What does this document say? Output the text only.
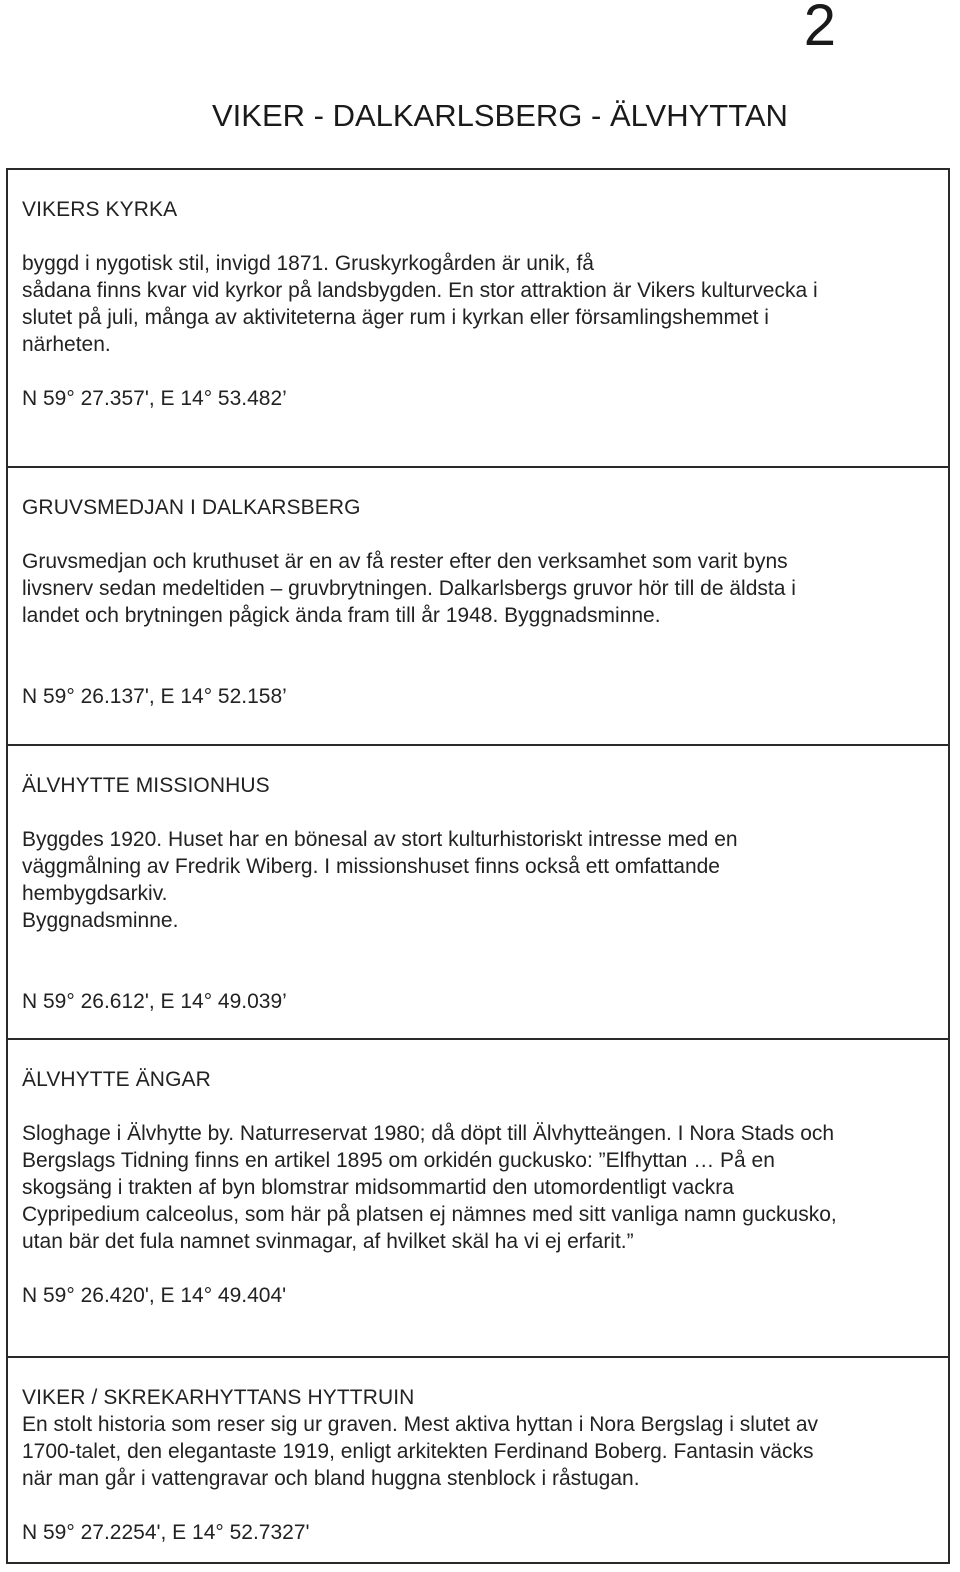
2
VIKER - DALKARLSBERG - ÄLVHYTTAN
VIKERS KYRKA
byggd i nygotisk stil, invigd 1871. Gruskyrkogården är unik, få
sådana finns kvar vid kyrkor på landsbygden. En stor attraktion är Vikers kulturvecka i
slutet på juli, många av aktiviteterna äger rum i kyrkan eller församlingshemmet i
närheten.
N 59° 27.357', E 14° 53.482’
GRUVSMEDJAN I DALKARSBERG
Gruvsmedjan och kruthuset är en av få rester efter den verksamhet som varit byns
livsnerv sedan medeltiden – gruvbrytningen. Dalkarlsbergs gruvor hör till de äldsta i
landet och brytningen pågick ända fram till år 1948. Byggnadsminne.
N 59° 26.137', E 14° 52.158’
ÄLVHYTTE MISSIONHUS
Byggdes 1920. Huset har en bönesal av stort kulturhistoriskt intresse med en
väggmålning av Fredrik Wiberg. I missionshuset finns också ett omfattande
hembygdsarkiv.
Byggnadsminne.
N 59° 26.612', E 14° 49.039’
ÄLVHYTTE ÄNGAR
Sloghage i Älvhytte by. Naturreservat 1980; då döpt till Älvhytteängen. I Nora Stads och
Bergslags Tidning finns en artikel 1895 om orkidén guckusko: ”Elfhyttan … På en
skogsäng i trakten af byn blomstrar midsommartid den utomordentligt vackra
Cypripedium calceolus, som här på platsen ej nämnes med sitt vanliga namn guckusko,
utan bär det fula namnet svinmagar, af hvilket skäl ha vi ej erfarit.”
N 59° 26.420', E 14° 49.404'
VIKER / SKREKARHYTTANS HYTTRUIN
En stolt historia som reser sig ur graven. Mest aktiva hyttan i Nora Bergslag i slutet av
1700-talet, den elegantaste 1919, enligt arkitekten Ferdinand Boberg. Fantasin väcks
när man går i vattengravar och bland huggna stenblock i råstugan.
N 59° 27.2254', E 14° 52.7327'
